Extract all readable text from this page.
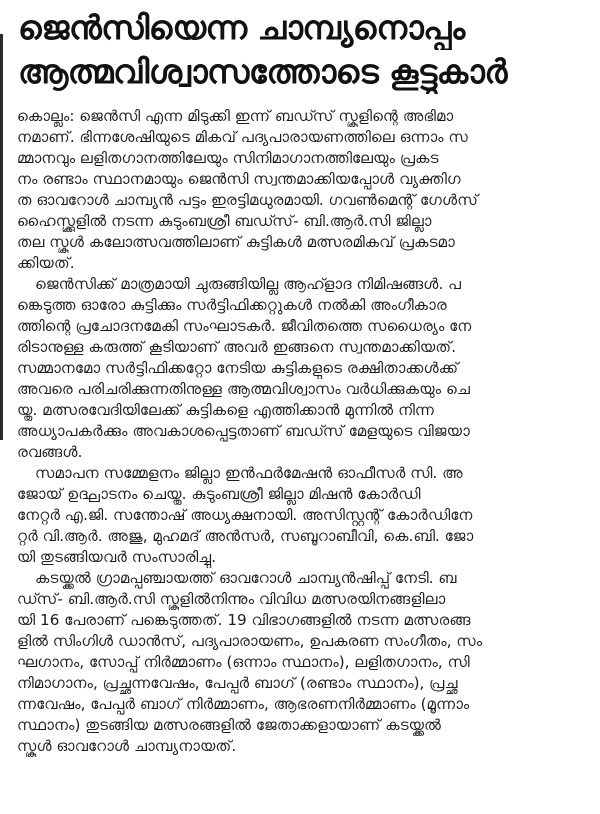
ജെൻസിയെന്ന ചാമ്പ്യനൊപ്പം
ആത്മവിശ്വാസത്തോടെ കൂട്ടുകാർ
കൊല്ലം: ജെൻസി എന്ന മിടുക്കി ഇന്ന് ബഡ്സ് സ്കൂളിന്റെ അഭിമാ
നമാണ്. ഭിന്നശേഷിയുടെ മികവ് പദ്യപാരായണത്തിലെ ഒന്നാം സ
മ്മാനവും ലളിതഗാനത്തിലേയും സിനിമാഗാനത്തിലേയും പ്രകട
നം രണ്ടാം സ്ഥാനമായും ജെൻസി സ്വന്തമാക്കിയപ്പോൾ വ്യക്തിഗ
ത ഓവറോൾ ചാമ്പ്യൻ പട്ടം ഇരട്ടിമധുരമായി. ഗവൺമെന്റ് ഗേൾസ്
ഹൈസ്ക്കൂളിൽ നടന്ന കുടുംബശ്രീ ബഡ്സ്- ബി.ആർ.സി ജില്ലാ
തല സ്കൂൾ കലോത്സവത്തിലാണ് കുട്ടികൾ മത്സരമികവ് പ്രകടമാ
ക്കിയത്.
ജെൻസിക്ക് മാത്രമായി ചുരുങ്ങിയില്ല ആഹ്ളാദ നിമിഷങ്ങൾ. പ
ങ്കെടുത്ത ഓരോ കുട്ടിക്കും സർട്ടിഫിക്കറ്റുകൾ നൽകി അംഗീകാര
ത്തിന്റെ പ്രചോദനമേകി സംഘാടകർ. ജീവിതത്തെ സധൈര്യം നേ
രിടാനുള്ള കരുത്ത് കൂടിയാണ് അവർ ഇങ്ങനെ സ്വന്തമാക്കിയത്.
സമ്മാനമോ സർട്ടിഫിക്കറ്റോ നേടിയ കുട്ടികളുടെ രക്ഷിതാക്കൾക്ക്
അവരെ പരിചരിക്കുന്നതിനുള്ള ആത്മവിശ്വാസം വർധിക്കുകയും ചെ
യ്തു. മത്സരവേദിയിലേക്ക് കുട്ടികളെ എത്തിക്കാൻ മുന്നിൽ നിന്ന
അധ്യാപകർക്കും അവകാശപ്പെട്ടതാണ് ബഡ്സ് മേളയുടെ വിജയാ
രവങ്ങൾ.
സമാപന സമ്മേളനം ജില്ലാ ഇൻഫർമേഷൻ ഓഫീസർ സി. അ
ജോയ് ഉദ്ഘാടനം ചെയ്തു. കുടുംബശ്രീ ജില്ലാ മിഷൻ കോർഡി
നേറ്റർ എ.ജി. സന്തോഷ് അധ്യക്ഷനായി. അസിസ്റ്റന്റ് കോർഡിനേ
റ്റർ വി.ആർ. അജു, മുഹമദ് അൻസർ, സബൂറാബീവി, കെ.ബി. ജോ
യി തുടങ്ങിയവർ സംസാരിച്ചു.
കടയ്ക്കൽ ഗ്രാമപ്പഞ്ചായത്ത് ഓവറോൾ ചാമ്പ്യൻഷിപ്പ് നേടി. ബ
ഡ്സ്- ബി.ആർ.സി സ്കൂളിൽനിന്നും വിവിധ മത്സരയിനങ്ങളിലാ
യി 16 പേരാണ് പങ്കെടുത്തത്. 19 വിഭാഗങ്ങളിൽ നടന്ന മത്സരങ്ങ
ളിൽ സിംഗിൾ ഡാൻസ്, പദ്യപാരായണം, ഉപകരണ സംഗീതം, സം
ഘഗാനം, സോപ്പ് നിർമ്മാണം (ഒന്നാം സ്ഥാനം), ലളിതഗാനം, സി
നിമാഗാനം, പ്രച്ഛന്നവേഷം, പേപ്പർ ബാഗ് (രണ്ടാം സ്ഥാനം), പ്രച്ഛ
ന്നവേഷം, പേപ്പർ ബാഗ് നിർമ്മാണം, ആഭരണനിർമ്മാണം (മൂന്നാം
സ്ഥാനം) തുടങ്ങിയ മത്സരങ്ങളിൽ ജേതാക്കളായാണ് കടയ്ക്കൽ
സ്കൂൾ ഓവറോൾ ചാമ്പ്യനായത്.
